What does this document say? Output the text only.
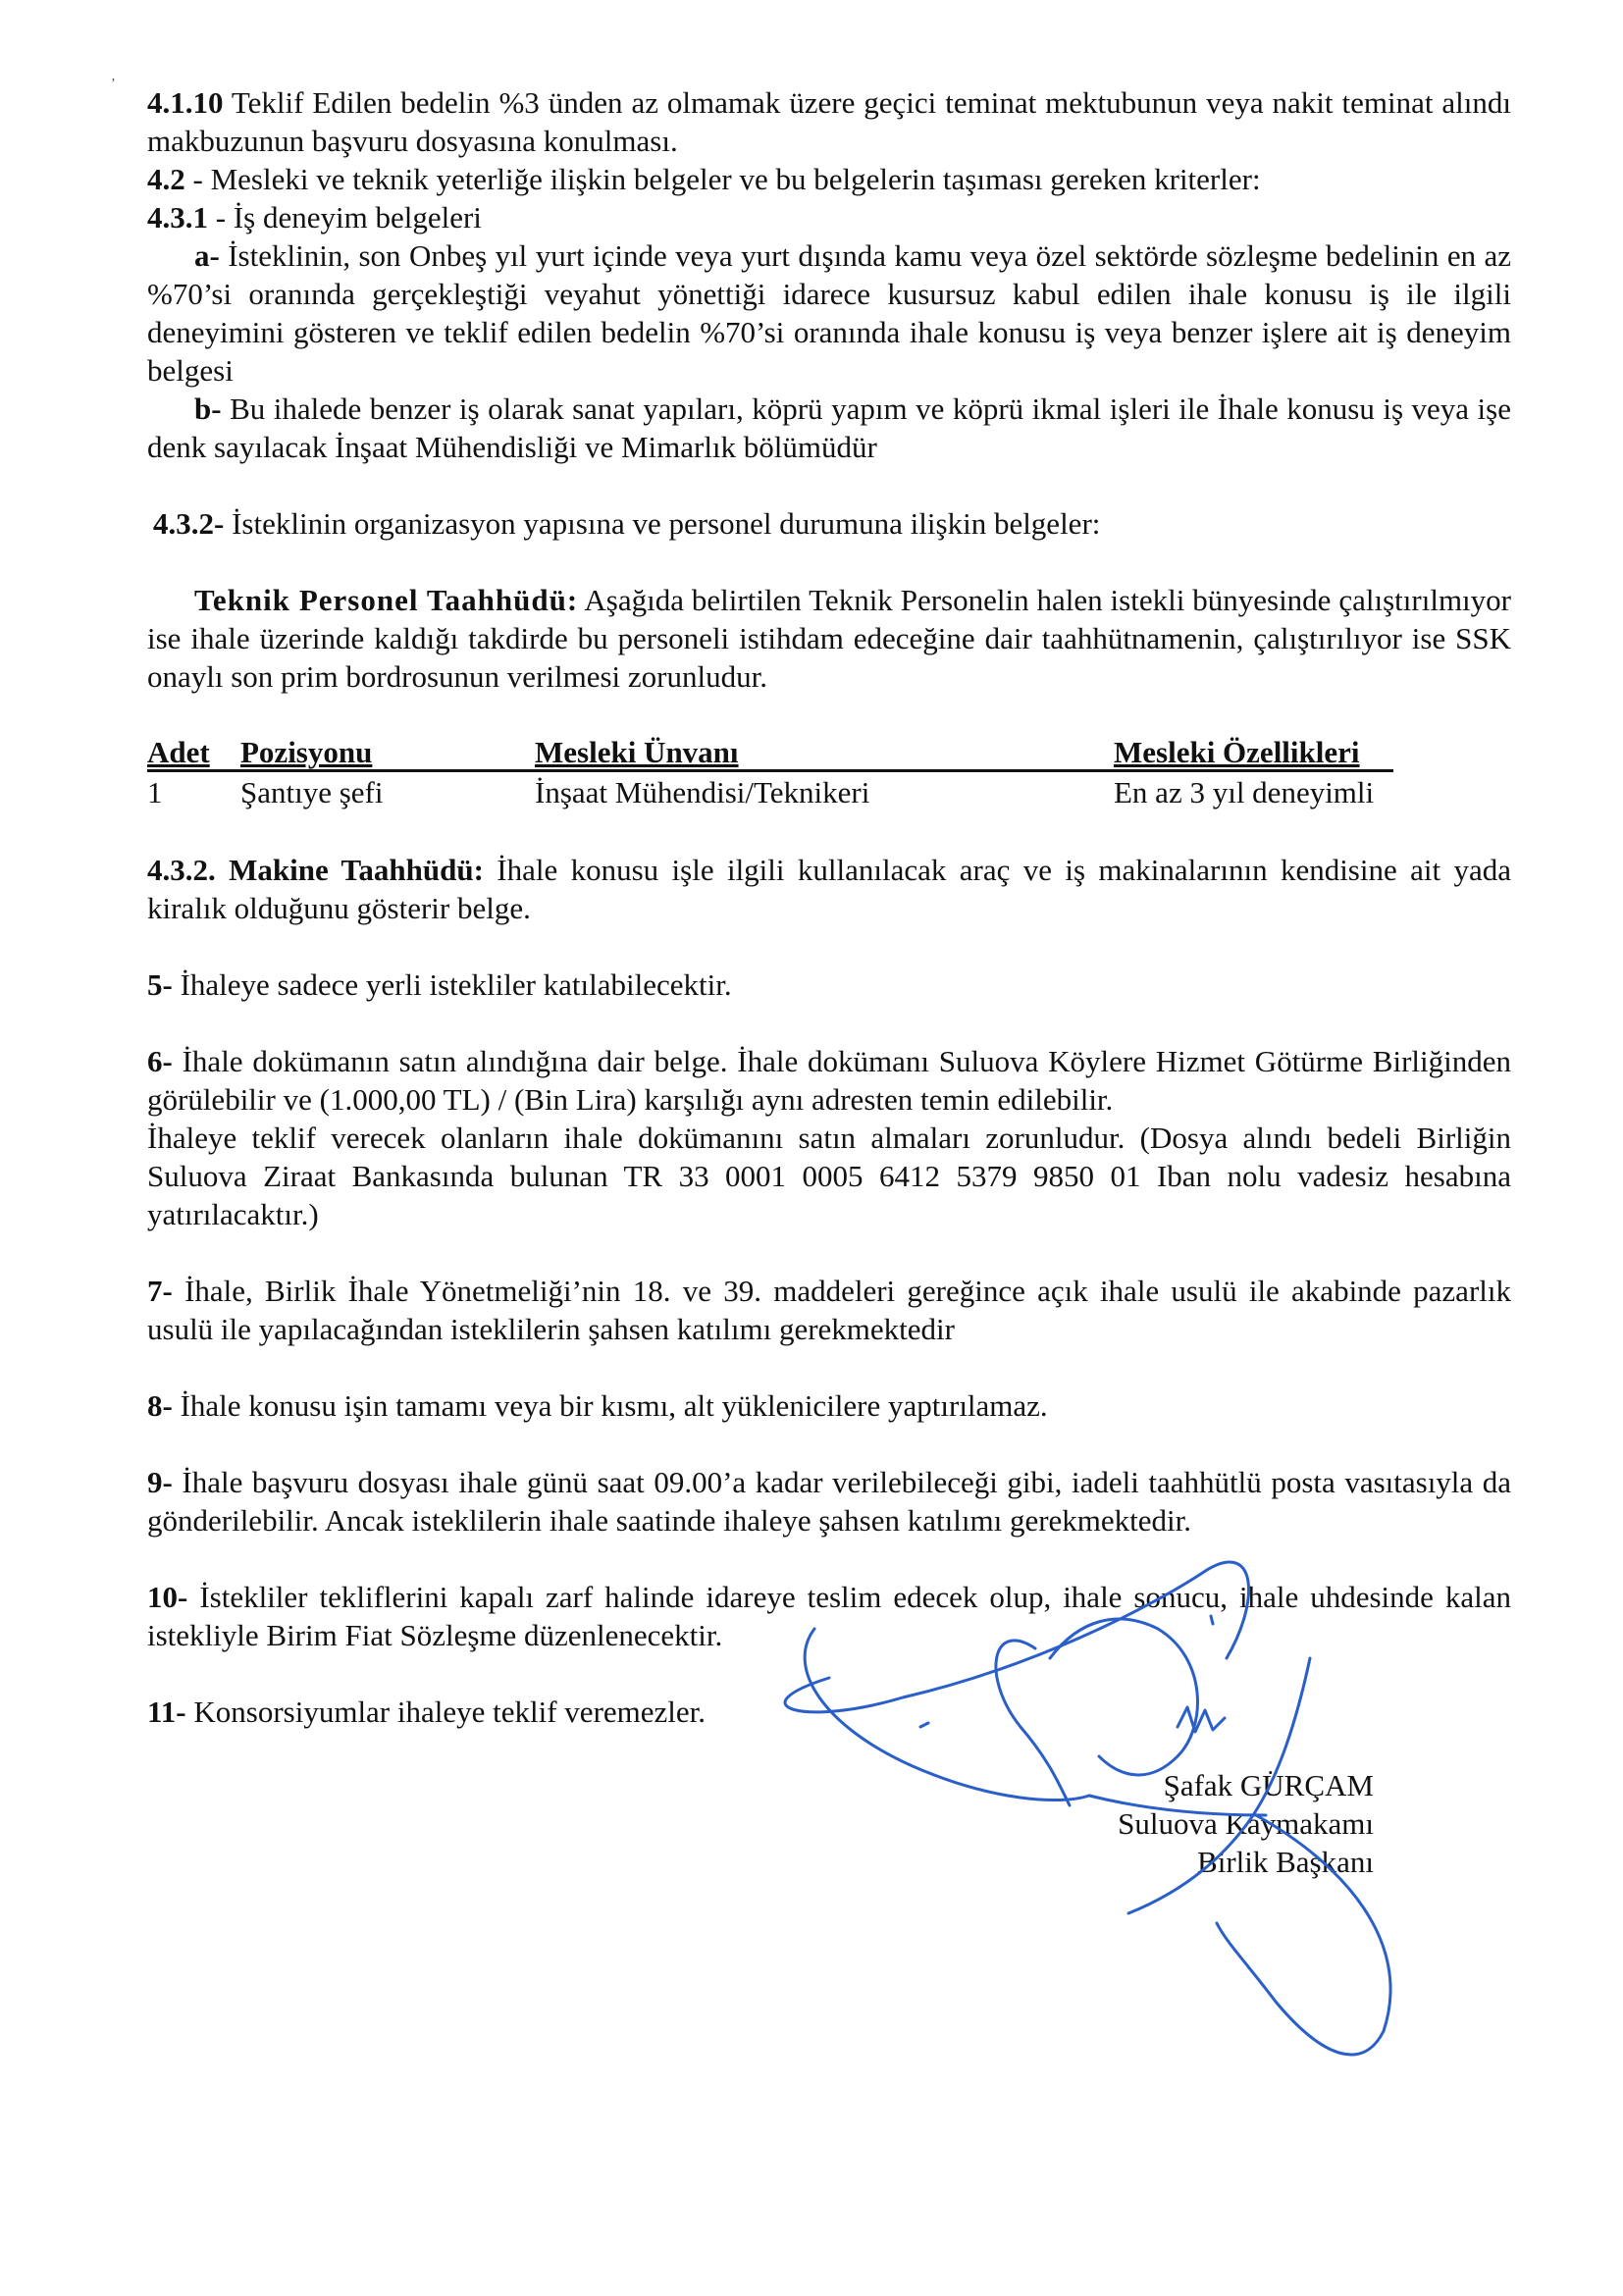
’

4.1.10 Teklif Edilen bedelin %3 ünden az olmamak üzere geçici teminat mektubunun veya nakit teminat alındı makbuzunun başvuru dosyasına konulması.

4.2 - Mesleki ve teknik yeterliğe ilişkin belgeler ve bu belgelerin taşıması gereken kriterler:

4.3.1 - İş deneyim belgeleri

a- İsteklinin, son Onbeş yıl yurt içinde veya yurt dışında kamu veya özel sektörde sözleşme bedelinin en az %70’si oranında gerçekleştiği veyahut yönettiği idarece kusursuz kabul edilen ihale konusu iş ile ilgili deneyimini gösteren ve teklif edilen bedelin %70’si oranında ihale konusu iş veya benzer işlere ait iş deneyim belgesi

b- Bu ihalede benzer iş olarak sanat yapıları, köprü yapım ve köprü ikmal işleri ile İhale konusu iş veya işe denk sayılacak İnşaat Mühendisliği ve Mimarlık bölümüdür

4.3.2- İsteklinin organizasyon yapısına ve personel durumuna ilişkin belgeler:

Teknik Personel Taahhüdü: Aşağıda belirtilen Teknik Personelin halen istekli bünyesinde çalıştırılmıyor ise ihale üzerinde kaldığı takdirde bu personeli istihdam edeceğine dair taahhütnamenin, çalıştırılıyor ise SSK onaylı son prim bordrosunun verilmesi zorunludur.

Adet	Pozisyonu	Mesleki Ünvanı	Mesleki Özellikleri
1	Şantıye şefi	İnşaat Mühendisi/Teknikeri	En az 3 yıl deneyimli

4.3.2. Makine Taahhüdü: İhale konusu işle ilgili kullanılacak araç ve iş makinalarının kendisine ait yada kiralık olduğunu gösterir belge.

5- İhaleye sadece yerli istekliler katılabilecektir.

6- İhale dokümanın satın alındığına dair belge. İhale dokümanı Suluova Köylere Hizmet Götürme Birliğinden görülebilir ve (1.000,00 TL) / (Bin Lira) karşılığı aynı adresten temin edilebilir.

İhaleye teklif verecek olanların ihale dokümanını satın almaları zorunludur. (Dosya alındı bedeli Birliğin Suluova Ziraat Bankasında bulunan TR 33 0001 0005 6412 5379 9850 01 Iban nolu vadesiz hesabına yatırılacaktır.)

7- İhale, Birlik İhale Yönetmeliği’nin 18. ve 39. maddeleri gereğince açık ihale usulü ile akabinde pazarlık usulü ile yapılacağından isteklilerin şahsen katılımı gerekmektedir

8- İhale konusu işin tamamı veya bir kısmı, alt yüklenicilere yaptırılamaz.

9- İhale başvuru dosyası ihale günü saat 09.00’a kadar verilebileceği gibi, iadeli taahhütlü posta vasıtasıyla da gönderilebilir. Ancak isteklilerin ihale saatinde ihaleye şahsen katılımı gerekmektedir.

10- İstekliler tekliflerini kapalı zarf halinde idareye teslim edecek olup, ihale sonucu, ihale uhdesinde kalan istekliyle Birim Fiat Sözleşme düzenlenecektir.

11- Konsorsiyumlar ihaleye teklif veremezler.

Şafak GÜRÇAM
Suluova Kaymakamı
Birlik Başkanı
